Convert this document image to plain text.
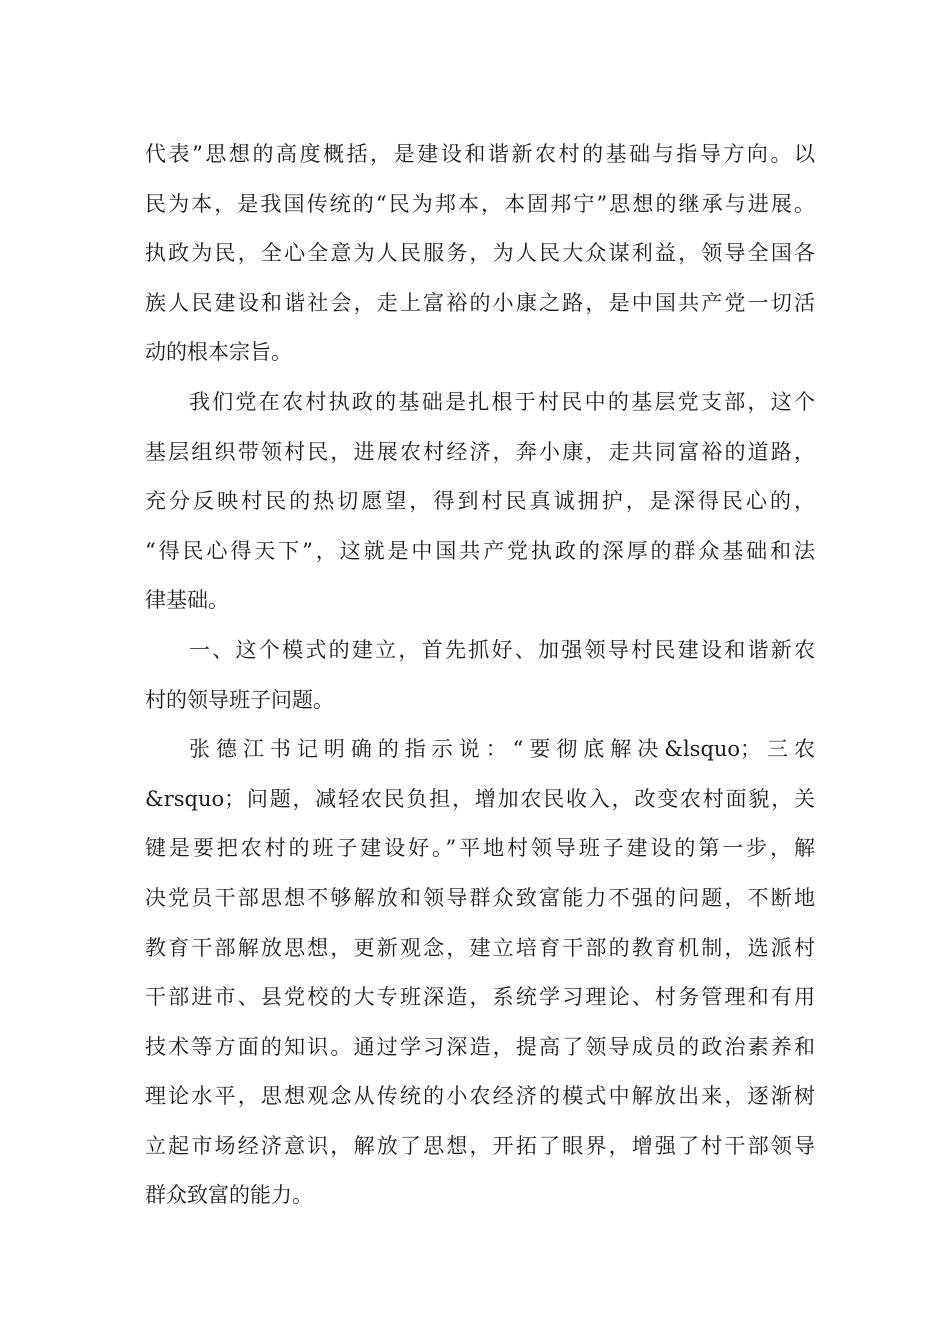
代表”思想的高度概括，是建设和谐新农村的基础与指导方向。以
民为本，是我国传统的“民为邦本，本固邦宁”思想的继承与进展。
执政为民，全心全意为人民服务，为人民大众谋利益，领导全国各
族人民建设和谐社会，走上富裕的小康之路，是中国共产党一切活
动的根本宗旨。
我们党在农村执政的基础是扎根于村民中的基层党支部，这个
基层组织带领村民，进展农村经济，奔小康，走共同富裕的道路，
充分反映村民的热切愿望，得到村民真诚拥护，是深得民心的，
“得民心得天下”，这就是中国共产党执政的深厚的群众基础和法
律基础。
一、这个模式的建立，首先抓好、加强领导村民建设和谐新农
村的领导班子问题。
张德江书记明确的指示说：“要彻底解决&lsquo；三农
&rsquo；问题，减轻农民负担，增加农民收入，改变农村面貌，关
键是要把农村的班子建设好。”平地村领导班子建设的第一步，解
决党员干部思想不够解放和领导群众致富能力不强的问题，不断地
教育干部解放思想，更新观念，建立培育干部的教育机制，选派村
干部进市、县党校的大专班深造，系统学习理论、村务管理和有用
技术等方面的知识。通过学习深造，提高了领导成员的政治素养和
理论水平，思想观念从传统的小农经济的模式中解放出来，逐渐树
立起市场经济意识，解放了思想，开拓了眼界，增强了村干部领导
群众致富的能力。
